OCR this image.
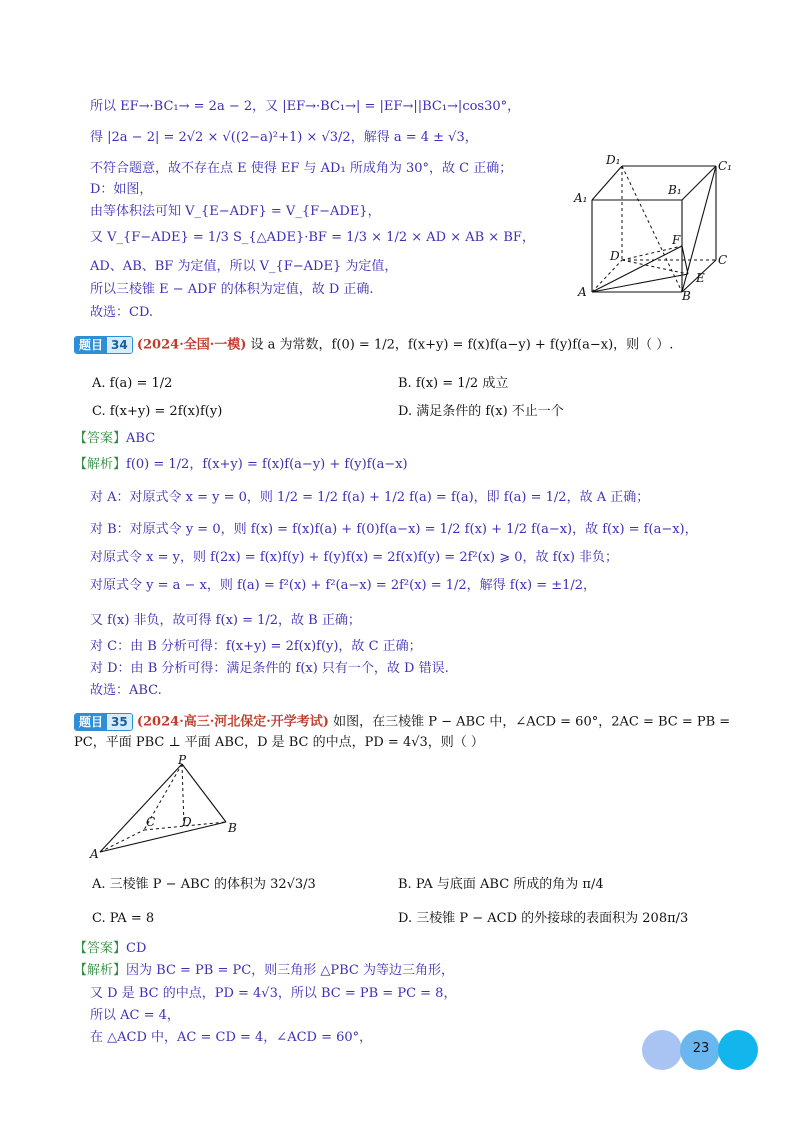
所以 EF→·BC₁→ = 2a − 2，又 |EF→·BC₁→| = |EF→||BC₁→|cos30°，
得 |2a − 2| = 2√2 × √((2−a)²+1) × √3/2，解得 a = 4 ± √3，
不符合题意，故不存在点 E 使得 EF 与 AD₁ 所成角为 30°，故 C 正确；
D：如图，
由等体积法可知 V_{E−ADF} = V_{F−ADE}，
又 V_{F−ADE} = 1/3 S_{△ADE}·BF = 1/3 × 1/2 × AD × AB × BF，
AD、AB、BF 为定值，所以 V_{F−ADE} 为定值，
所以三棱锥 E − ADF 的体积为定值，故 D 正确.
故选：CD.
D₁	C₁
A₁
B₁
F
D	C
A
E
B
题目 34 (2024·全国·一模) 设 a 为常数，f(0) = 1/2，f(x+y) = f(x)f(a−y) + f(y)f(a−x)，则（ ）.
A. f(a) = 1/2	B. f(x) = 1/2 成立
C. f(x+y) = 2f(x)f(y)	D. 满足条件的 f(x) 不止一个
【答案】ABC
【解析】f(0) = 1/2，f(x+y) = f(x)f(a−y) + f(y)f(a−x)
对 A：对原式令 x = y = 0，则 1/2 = 1/2 f(a) + 1/2 f(a) = f(a)，即 f(a) = 1/2，故 A 正确；
对 B：对原式令 y = 0，则 f(x) = f(x)f(a) + f(0)f(a−x) = 1/2 f(x) + 1/2 f(a−x)，故 f(x) = f(a−x)，
对原式令 x = y，则 f(2x) = f(x)f(y) + f(y)f(x) = 2f(x)f(y) = 2f²(x) ⩾ 0，故 f(x) 非负；
对原式令 y = a − x，则 f(a) = f²(x) + f²(a−x) = 2f²(x) = 1/2，解得 f(x) = ±1/2，
又 f(x) 非负，故可得 f(x) = 1/2，故 B 正确；
对 C：由 B 分析可得：f(x+y) = 2f(x)f(y)，故 C 正确；
对 D：由 B 分析可得：满足条件的 f(x) 只有一个，故 D 错误.
故选：ABC.
题目 35 (2024·高三·河北保定·开学考试) 如图，在三棱锥 P − ABC 中，∠ACD = 60°，2AC = BC = PB =
PC，平面 PBC ⊥ 平面 ABC，D 是 BC 的中点，PD = 4√3，则（ ）
P
C D	B
A
A. 三棱锥 P − ABC 的体积为 32√3/3	B. PA 与底面 ABC 所成的角为 π/4
C. PA = 8	D. 三棱锥 P − ACD 的外接球的表面积为 208π/3
【答案】CD
【解析】因为 BC = PB = PC，则三角形 △PBC 为等边三角形，
又 D 是 BC 的中点，PD = 4√3，所以 BC = PB = PC = 8，
所以 AC = 4，
在 △ACD 中，AC = CD = 4，∠ACD = 60°，
23
